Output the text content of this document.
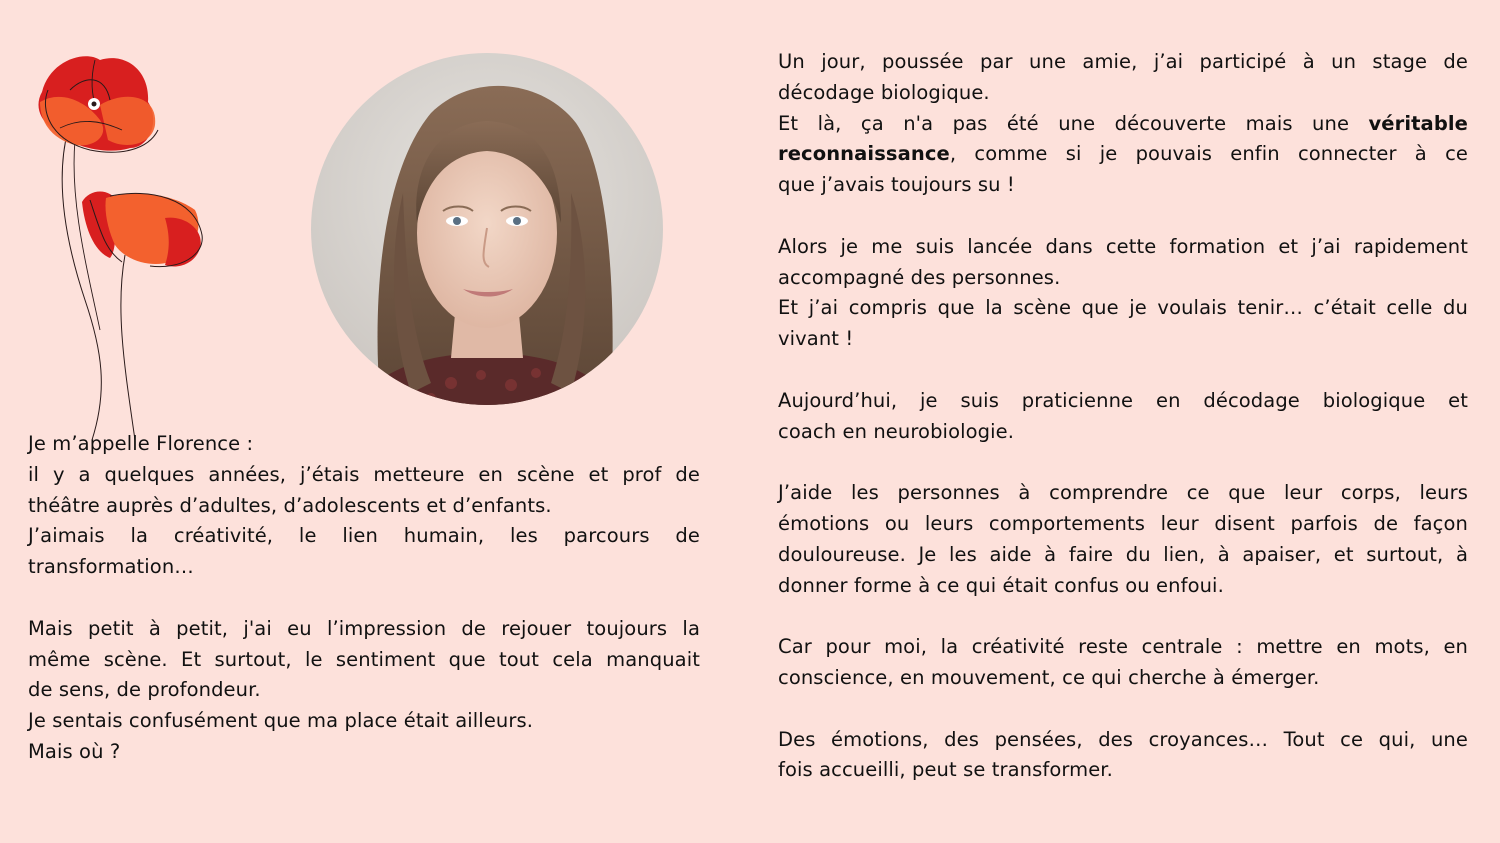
Je m’appelle Florence :
il y a quelques années, j’étais metteure en scène et prof de
théâtre auprès d’adultes, d’adolescents et d’enfants.
J’aimais la créativité, le lien humain, les parcours de
transformation…
Mais petit à petit, j'ai eu l’impression de rejouer toujours la
même scène. Et surtout, le sentiment que tout cela manquait
de sens, de profondeur.
Je sentais confusément que ma place était ailleurs.
Mais où ?
Un jour, poussée par une amie, j’ai participé à un stage de
décodage biologique.
Et là, ça n'a pas été une découverte mais une véritable
reconnaissance, comme si je pouvais enfin connecter à ce
que j’avais toujours su !
Alors je me suis lancée dans cette formation et j’ai rapidement
accompagné des personnes.
Et j’ai compris que la scène que je voulais tenir… c’était celle du
vivant !
Aujourd’hui, je suis praticienne en décodage biologique et
coach en neurobiologie.
J’aide les personnes à comprendre ce que leur corps, leurs
émotions ou leurs comportements leur disent parfois de façon
douloureuse. Je les aide à faire du lien, à apaiser, et surtout, à
donner forme à ce qui était confus ou enfoui.
Car pour moi, la créativité reste centrale : mettre en mots, en
conscience, en mouvement, ce qui cherche à émerger.
Des émotions, des pensées, des croyances… Tout ce qui, une
fois accueilli, peut se transformer.
